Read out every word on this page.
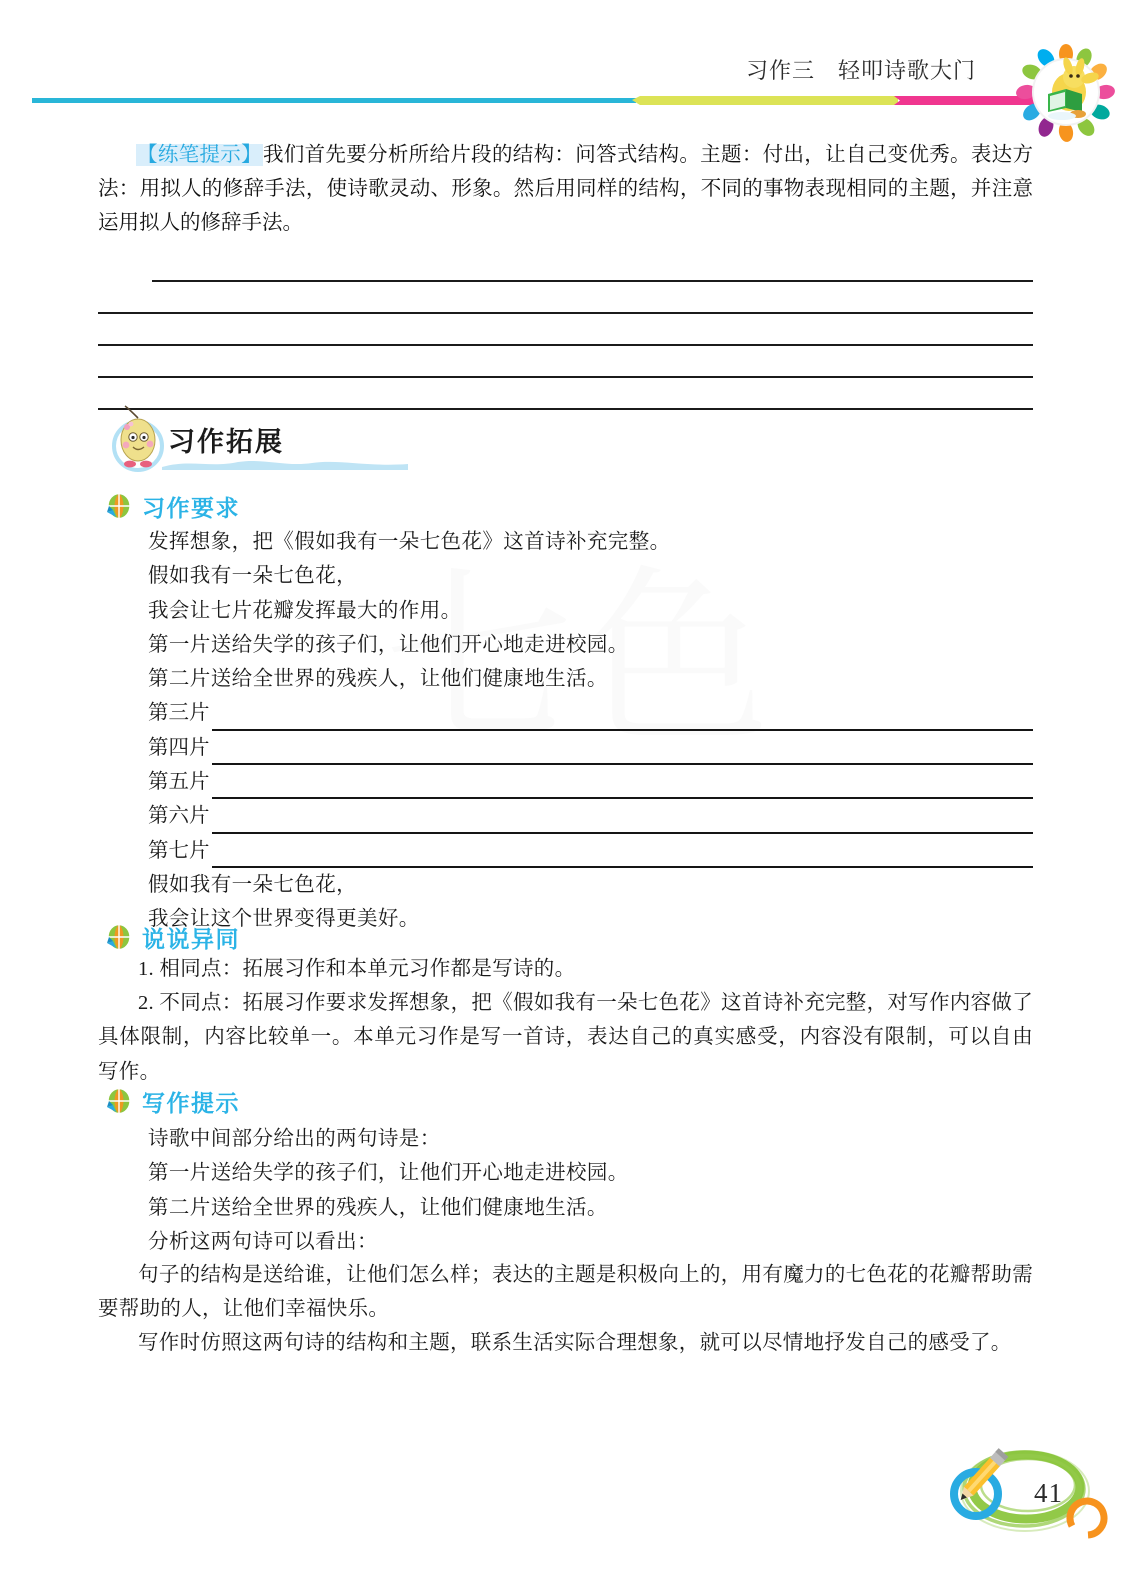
习作三　轻叩诗歌大门
【练笔提示】我们首先要分析所给片段的结构：问答式结构。主题：付出，让自己变优秀。表达方法：用拟人的修辞手法，使诗歌灵动、形象。然后用同样的结构，不同的事物表现相同的主题，并注意运用拟人的修辞手法。
习作拓展
习作要求
发挥想象，把《假如我有一朵七色花》这首诗补充完整。
假如我有一朵七色花，
我会让七片花瓣发挥最大的作用。
第一片送给失学的孩子们，让他们开心地走进校园。
第二片送给全世界的残疾人，让他们健康地生活。
第三片
第四片
第五片
第六片
第七片
假如我有一朵七色花，
我会让这个世界变得更美好。
说说异同
1. 相同点：拓展习作和本单元习作都是写诗的。
2. 不同点：拓展习作要求发挥想象，把《假如我有一朵七色花》这首诗补充完整，对写作内容做了具体限制，内容比较单一。本单元习作是写一首诗，表达自己的真实感受，内容没有限制，可以自由写作。
写作提示
诗歌中间部分给出的两句诗是：
第一片送给失学的孩子们，让他们开心地走进校园。
第二片送给全世界的残疾人，让他们健康地生活。
分析这两句诗可以看出：
句子的结构是送给谁，让他们怎么样；表达的主题是积极向上的，用有魔力的七色花的花瓣帮助需要帮助的人，让他们幸福快乐。
写作时仿照这两句诗的结构和主题，联系生活实际合理想象，就可以尽情地抒发自己的感受了。
41
